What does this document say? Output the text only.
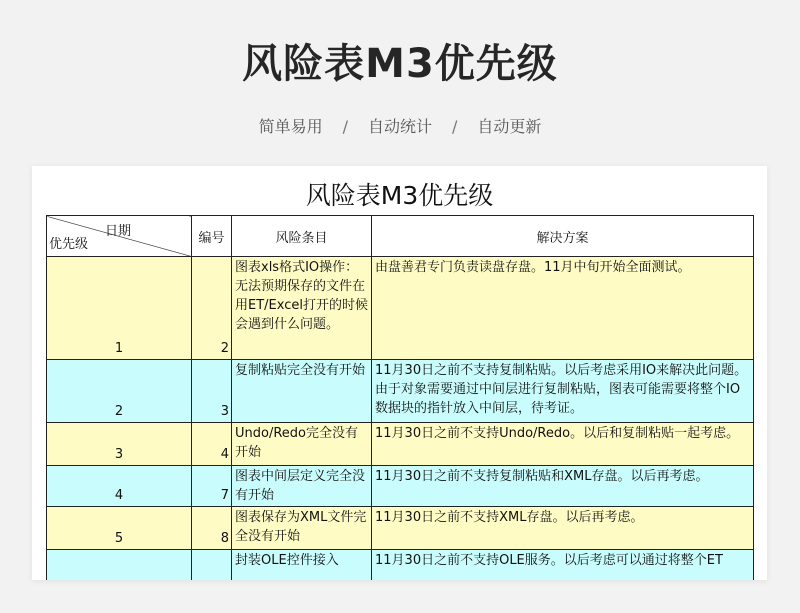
风险表M3优先级
简单易用 / 自动统计 / 自动更新
风险表M3优先级
日期
优先级	编号	风险条目	解决方案
1	2	图表xls格式IO操作：无法预期保存的文件在用ET/Excel打开的时候会遇到什么问题。	由盘善君专门负责读盘存盘。11月中旬开始全面测试。
2	3	复制粘贴完全没有开始	11月30日之前不支持复制粘贴。以后考虑采用IO来解决此问题。由于对象需要通过中间层进行复制粘贴，图表可能需要将整个IO数据块的指针放入中间层，待考证。
3	4	Undo/Redo完全没有开始	11月30日之前不支持Undo/Redo。以后和复制粘贴一起考虑。
4	7	图表中间层定义完全没有开始	11月30日之前不支持复制粘贴和XML存盘。以后再考虑。
5	8	图表保存为XML文件完全没有开始	11月30日之前不支持XML存盘。以后再考虑。
		封装OLE控件接入	11月30日之前不支持OLE服务。以后考虑可以通过将整个ET
